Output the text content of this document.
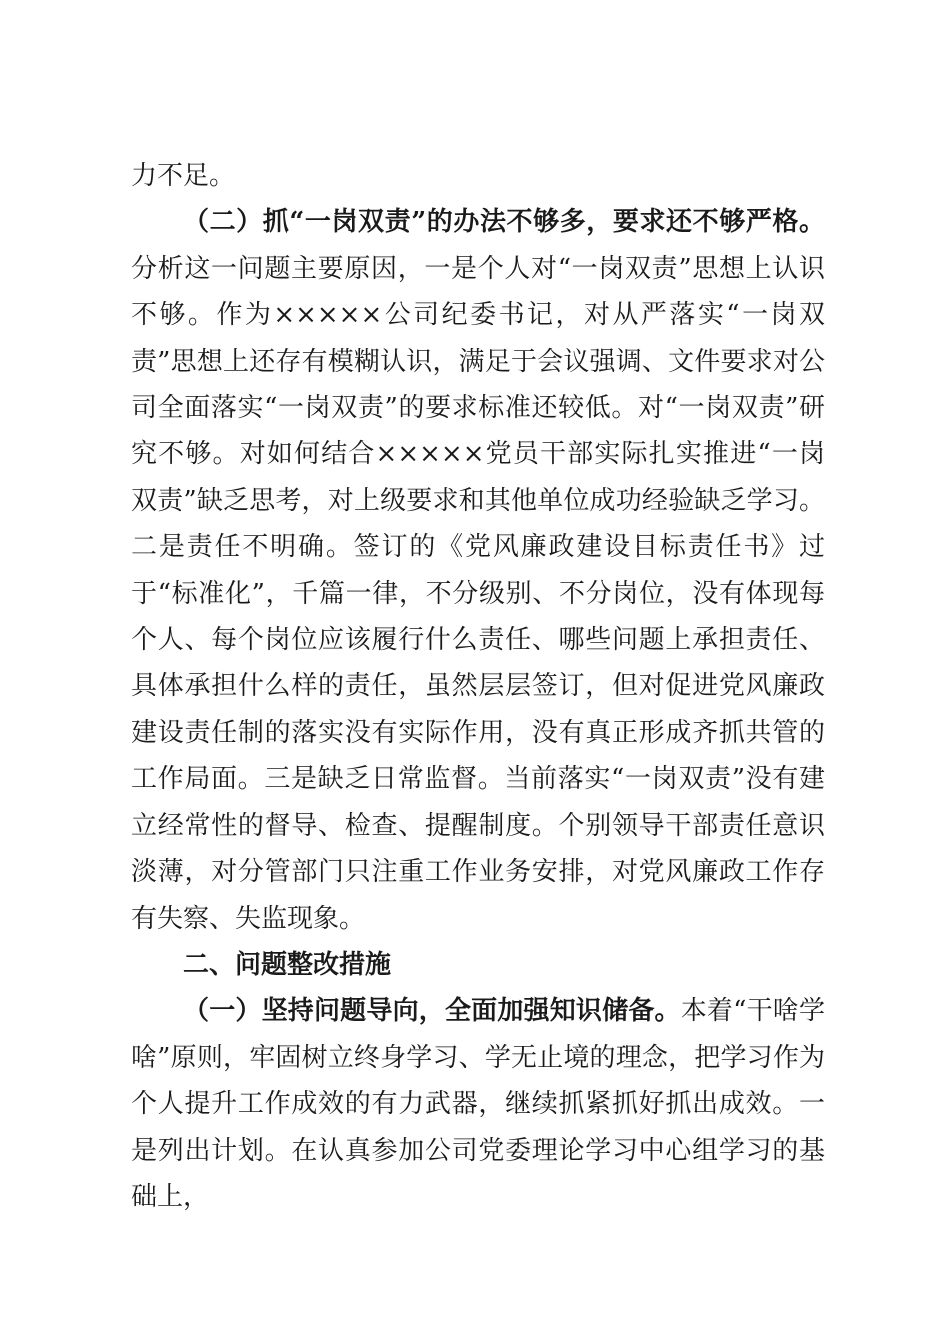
力不足。

（二）抓“一岗双责”的办法不够多，要求还不够严格。分析这一问题主要原因，一是个人对“一岗双责”思想上认识不够。作为×××××公司纪委书记，对从严落实“一岗双责”思想上还存有模糊认识，满足于会议强调、文件要求对公司全面落实“一岗双责”的要求标准还较低。对“一岗双责”研究不够。对如何结合×××××党员干部实际扎实推进“一岗双责”缺乏思考，对上级要求和其他单位成功经验缺乏学习。二是责任不明确。签订的《党风廉政建设目标责任书》过于“标准化”，千篇一律，不分级别、不分岗位，没有体现每个人、每个岗位应该履行什么责任、哪些问题上承担责任、具体承担什么样的责任，虽然层层签订，但对促进党风廉政建设责任制的落实没有实际作用，没有真正形成齐抓共管的工作局面。三是缺乏日常监督。当前落实“一岗双责”没有建立经常性的督导、检查、提醒制度。个别领导干部责任意识淡薄，对分管部门只注重工作业务安排，对党风廉政工作存有失察、失监现象。

二、问题整改措施

（一）坚持问题导向，全面加强知识储备。本着“干啥学啥”原则，牢固树立终身学习、学无止境的理念，把学习作为个人提升工作成效的有力武器，继续抓紧抓好抓出成效。一是列出计划。在认真参加公司党委理论学习中心组学习的基础上，
